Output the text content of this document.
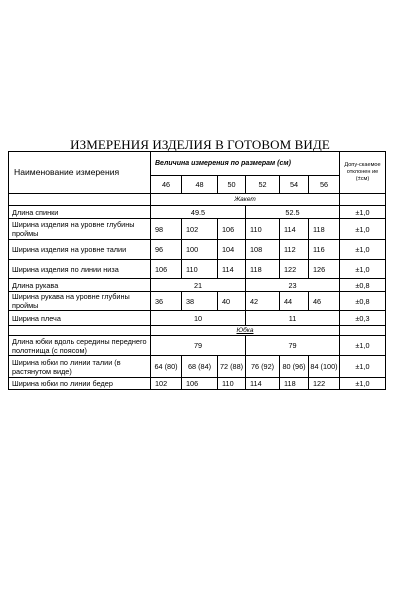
ИЗМЕРЕНИЯ ИЗДЕЛИЯ В ГОТОВОМ ВИДЕ
Наименование измерения	Величина измерения по размерам (см)						Допу-скаемое отклонен ие (±см)
	46	48	50	52	54	56	
	Жакет						
Длина спинки	49.5			52.5			±1,0
Ширина изделия на уровне глубины проймы	98	102	106	110	114	118	±1,0
Ширина изделия на уровне талии	96	100	104	108	112	116	±1,0
Ширина изделия по линии низа	106	110	114	118	122	126	±1,0
Длина рукава	21			23			±0,8
Ширина рукава на уровне глубины проймы	36	38	40	42	44	46	±0,8
Ширина плеча	10			11			±0,3
	Юбка						
Длина юбки вдоль середины переднего полотнища (с поясом)	79			79			±1,0
Ширина юбки по линии талии (в растянутом виде)	64 (80)	68 (84)	72 (88)	76 (92)	80 (96)	84 (100)	±1,0
Ширина юбки по линии бедер	102	106	110	114	118	122	±1,0
